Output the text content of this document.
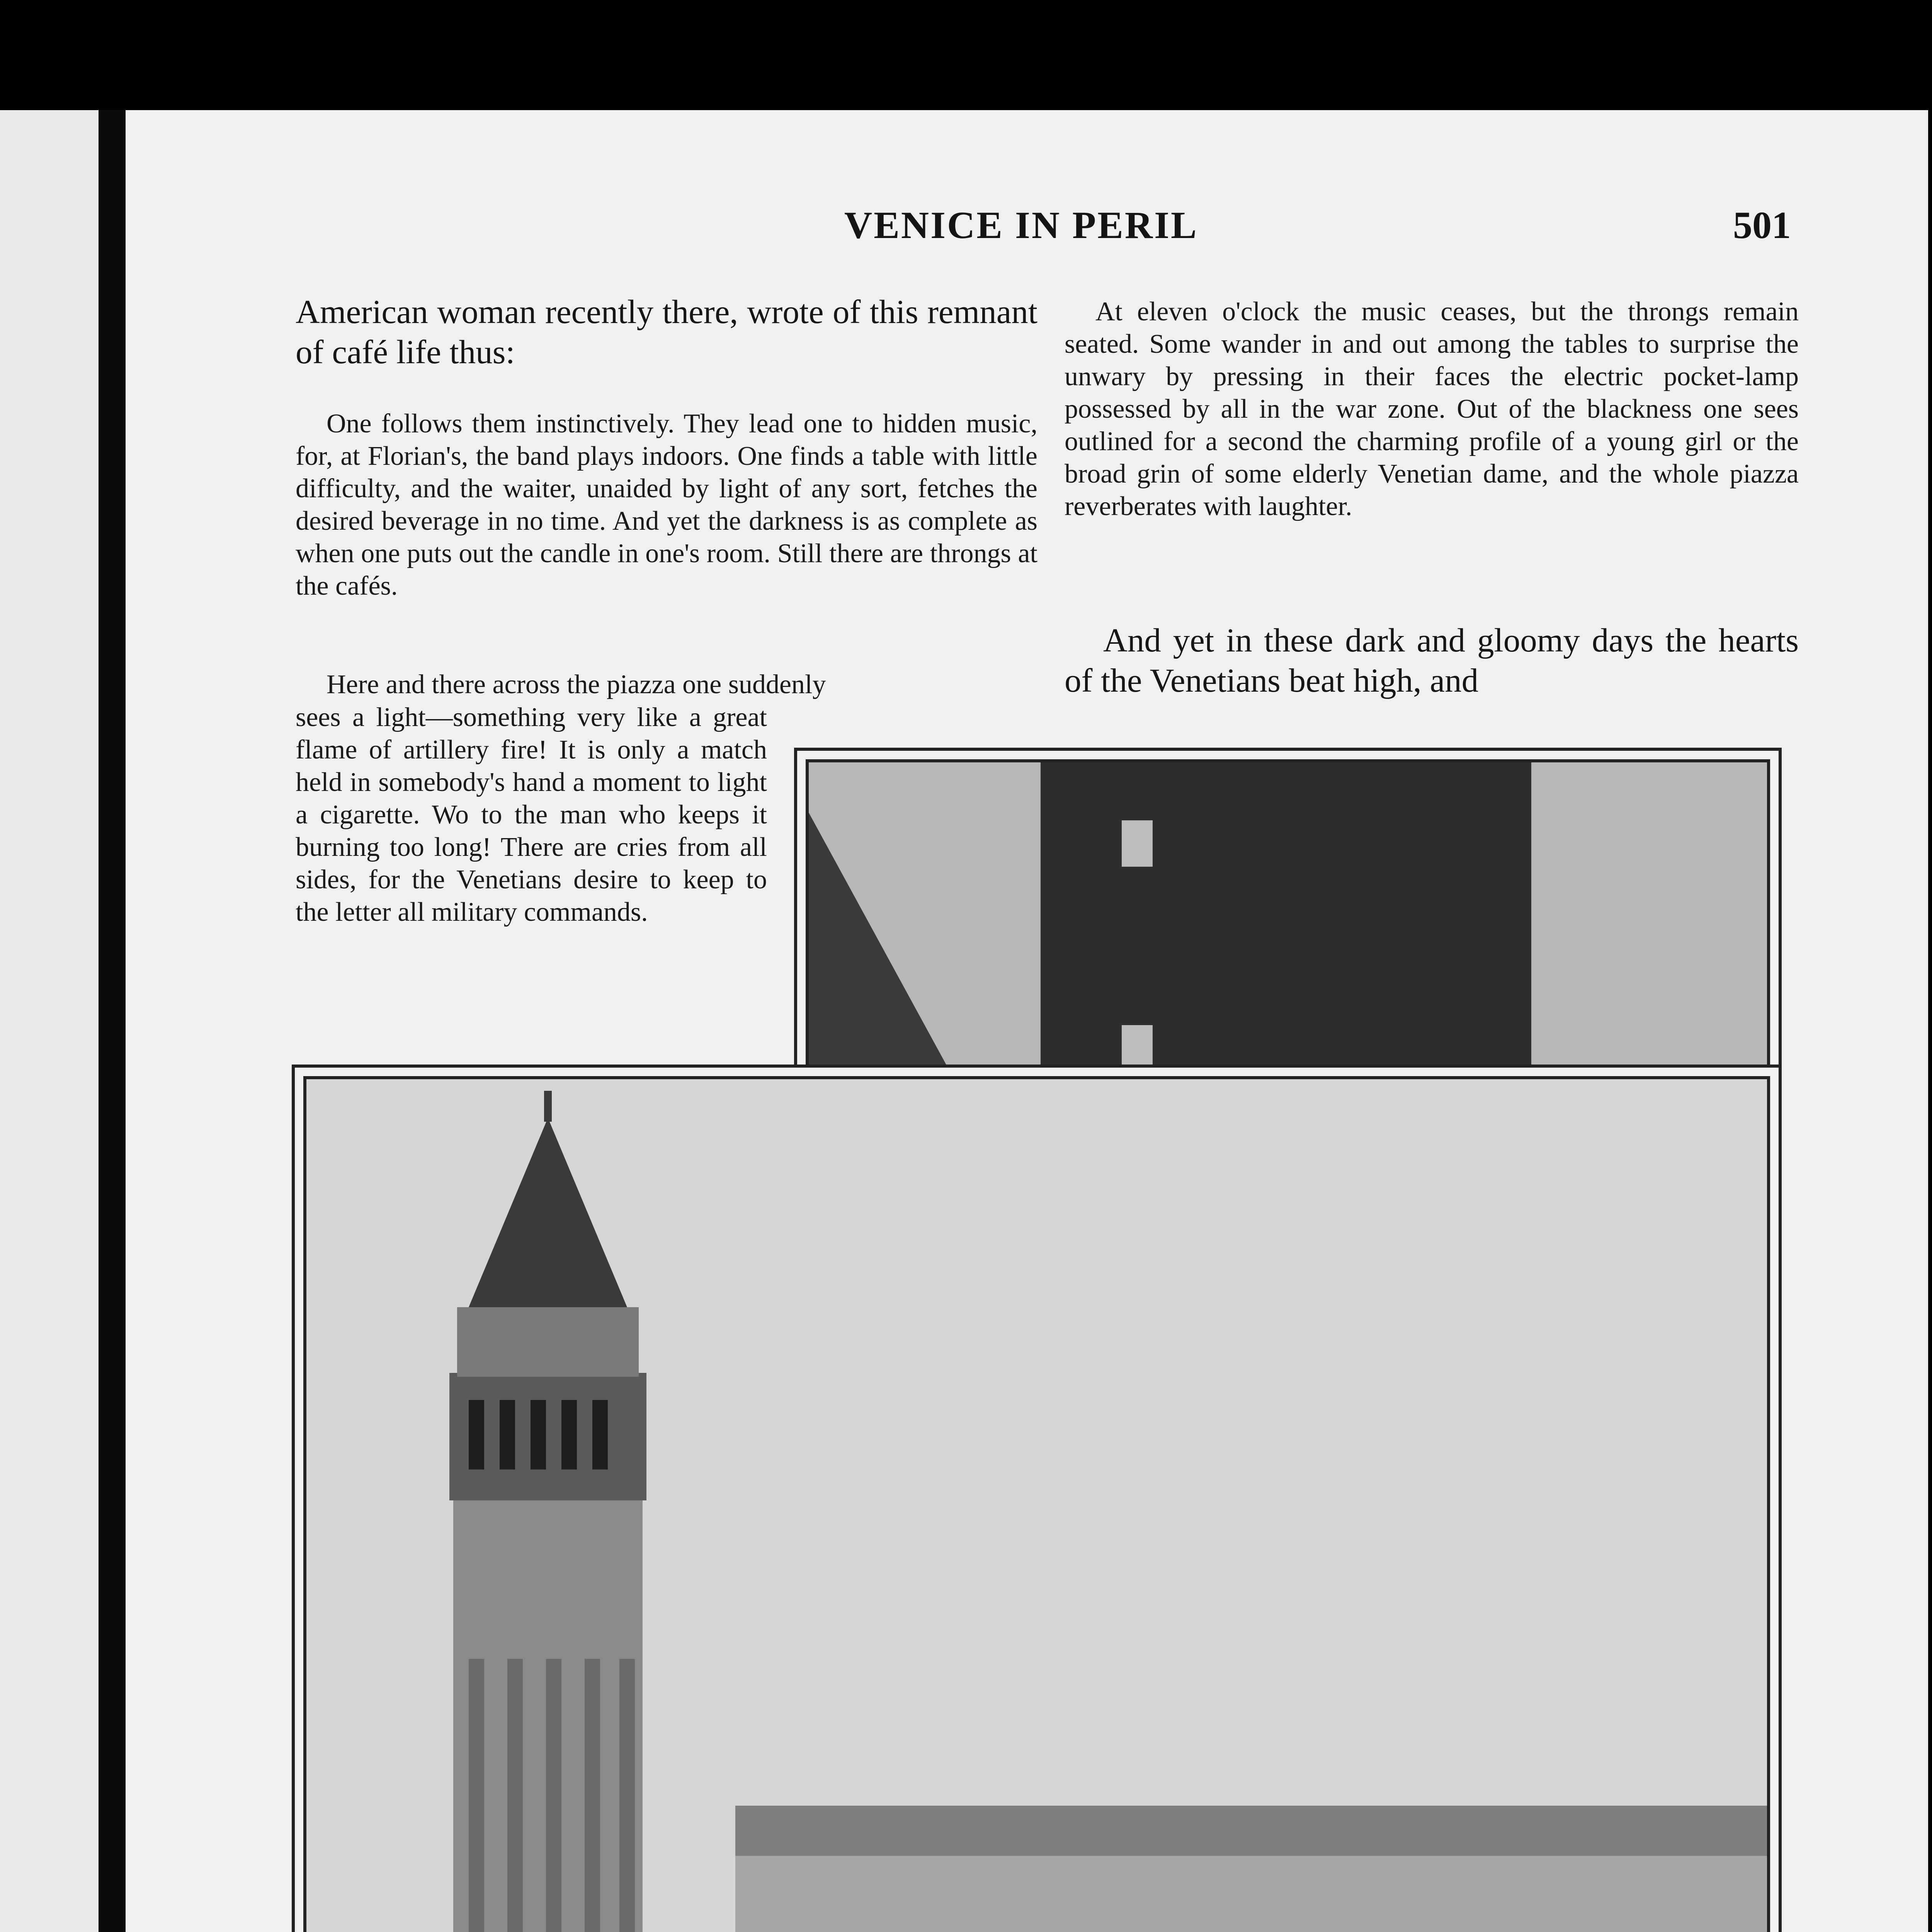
VENICE IN PERIL	501
American woman recently there, wrote of this remnant of café life thus:

One follows them instinctively. They lead one to hidden music, for, at Florian's, the band plays indoors. One finds a table with little difficulty, and the waiter, unaided by light of any sort, fetches the desired beverage in no time. And yet the darkness is as complete as when one puts out the candle in one's room. Still there are throngs at the cafés.

Here and there across the piazza one suddenly

sees a light—something very like a great flame of artillery fire! It is only a match held in somebody's hand a moment to light a cigarette. Wo to the man who keeps it burning too long! There are cries from all sides, for the Venetians desire to keep to the letter all military commands.

At eleven o'clock the music ceases, but the throngs remain seated. Some wander in and out among the tables to surprise the unwary by pressing in their faces the electric pocket-lamp possessed by all in the war zone. Out of the blackness one sees outlined for a second the charming profile of a young girl or the broad grin of some elderly Venetian dame, and the whole piazza reverberates with laughter.

And yet in these dark and gloomy days the hearts of the Venetians beat high, and
